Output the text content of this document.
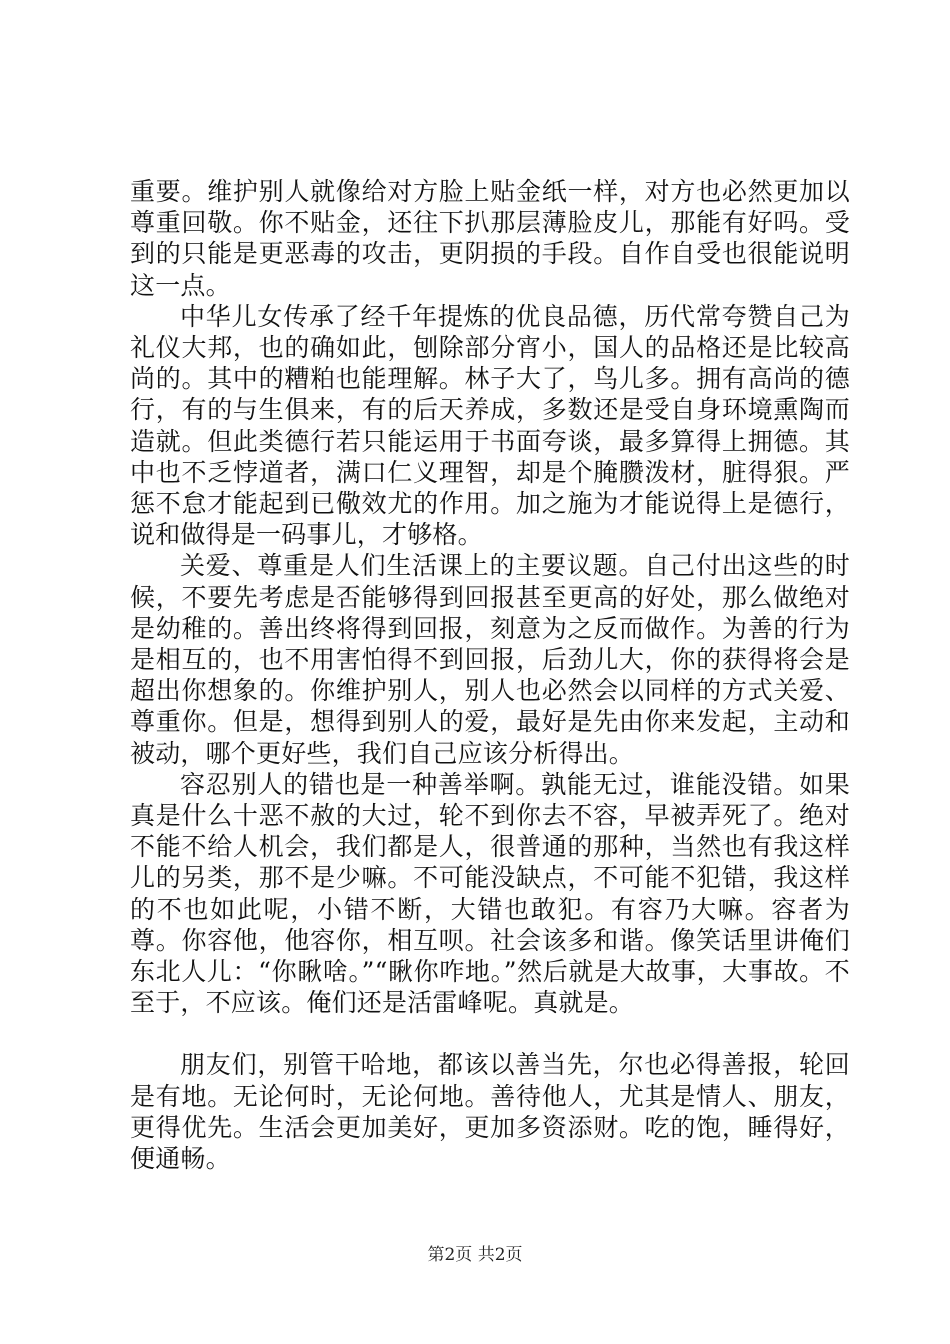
重要。维护别人就像给对方脸上贴金纸一样，对方也必然更加以尊重回敬。你不贴金，还往下扒那层薄脸皮儿，那能有好吗。受到的只能是更恶毒的攻击，更阴损的手段。自作自受也很能说明这一点。

中华儿女传承了经千年提炼的优良品德，历代常夸赞自己为礼仪大邦，也的确如此，刨除部分宵小，国人的品格还是比较高尚的。其中的糟粕也能理解。林子大了，鸟儿多。拥有高尚的德行，有的与生俱来，有的后天养成，多数还是受自身环境熏陶而造就。但此类德行若只能运用于书面夸谈，最多算得上拥德。其中也不乏悖道者，满口仁义理智，却是个腌臜泼材，脏得狠。严惩不怠才能起到已儆效尤的作用。加之施为才能说得上是德行，说和做得是一码事儿，才够格。

关爱、尊重是人们生活课上的主要议题。自己付出这些的时候，不要先考虑是否能够得到回报甚至更高的好处，那么做绝对是幼稚的。善出终将得到回报，刻意为之反而做作。为善的行为是相互的，也不用害怕得不到回报，后劲儿大，你的获得将会是超出你想象的。你维护别人，别人也必然会以同样的方式关爱、尊重你。但是，想得到别人的爱，最好是先由你来发起，主动和被动，哪个更好些，我们自己应该分析得出。

容忍别人的错也是一种善举啊。孰能无过，谁能没错。如果真是什么十恶不赦的大过，轮不到你去不容，早被弄死了。绝对不能不给人机会，我们都是人，很普通的那种，当然也有我这样儿的另类，那不是少嘛。不可能没缺点，不可能不犯错，我这样的不也如此呢，小错不断，大错也敢犯。有容乃大嘛。容者为尊。你容他，他容你，相互呗。社会该多和谐。像笑话里讲俺们东北人儿：“你瞅啥。”“瞅你咋地。”然后就是大故事，大事故。不至于，不应该。俺们还是活雷峰呢。真就是。

朋友们，别管干哈地，都该以善当先，尔也必得善报，轮回是有地。无论何时，无论何地。善待他人，尤其是情人、朋友，更得优先。生活会更加美好，更加多资添财。吃的饱，睡得好，便通畅。

第2页 共2页
